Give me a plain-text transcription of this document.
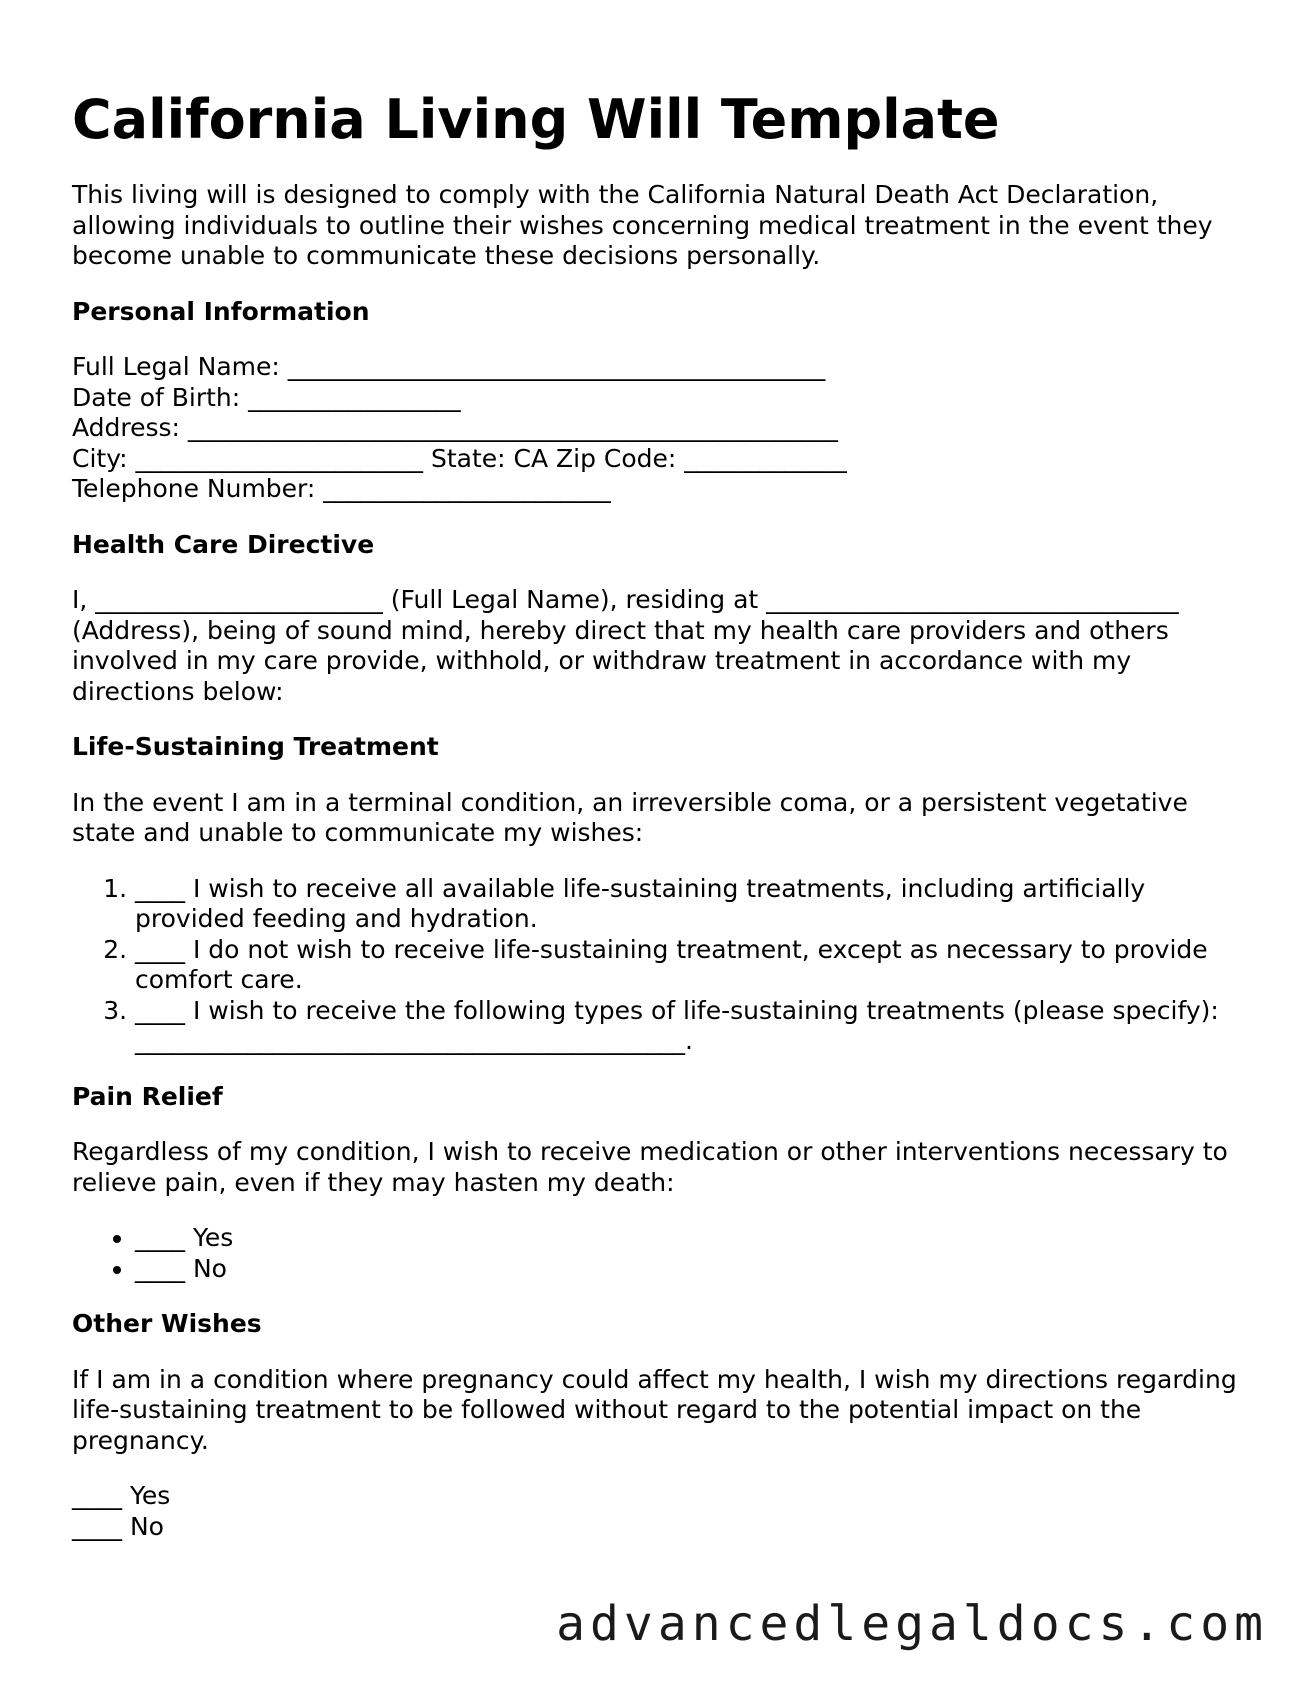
California Living Will Template

This living will is designed to comply with the California Natural Death Act Declaration, allowing individuals to outline their wishes concerning medical treatment in the event they become unable to communicate these decisions personally.

Personal Information
Full Legal Name: ___________________________________________
Date of Birth: _________________
Address: ____________________________________________________
City: _______________________ State: CA Zip Code: _____________
Telephone Number: _______________________
Health Care Directive

I, _______________________ (Full Legal Name), residing at _________________________________ (Address), being of sound mind, hereby direct that my health care providers and others involved in my care provide, withhold, or withdraw treatment in accordance with my directions below:

Life-Sustaining Treatment

In the event I am in a terminal condition, an irreversible coma, or a persistent vegetative state and unable to communicate my wishes:

1. ____ I wish to receive all available life-sustaining treatments, including artificially provided feeding and hydration.
2. ____ I do not wish to receive life-sustaining treatment, except as necessary to provide comfort care.
3. ____ I wish to receive the following types of life-sustaining treatments (please specify): ____________________________________________.
Pain Relief

Regardless of my condition, I wish to receive medication or other interventions necessary to relieve pain, even if they may hasten my death:

• ____ Yes
• ____ No
Other Wishes

If I am in a condition where pregnancy could affect my health, I wish my directions regarding life-sustaining treatment to be followed without regard to the potential impact on the pregnancy.

____ Yes
____ No
advancedlegaldocs.com
